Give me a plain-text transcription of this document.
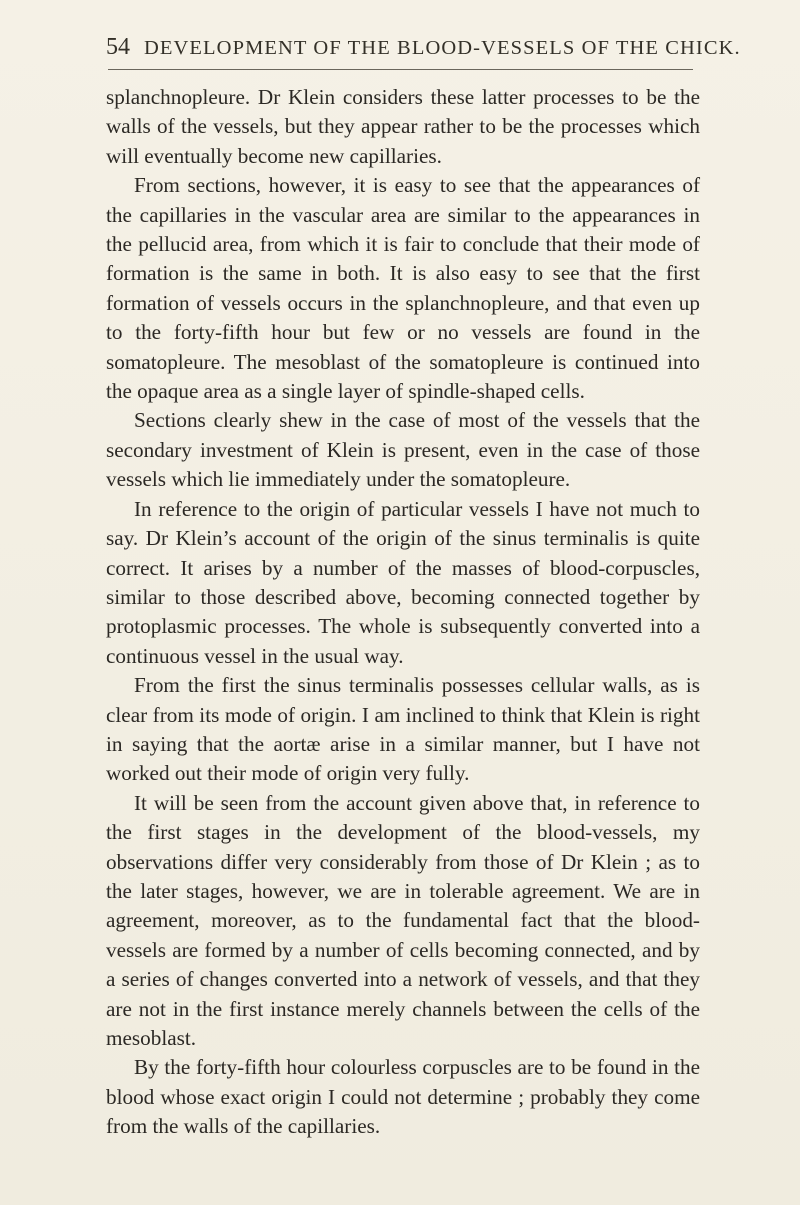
54 DEVELOPMENT OF THE BLOOD-VESSELS OF THE CHICK.

splanchnopleure. Dr Klein considers these latter processes to be the walls of the vessels, but they appear rather to be the processes which will eventually become new capillaries.

From sections, however, it is easy to see that the appearances of the capillaries in the vascular area are similar to the appearances in the pellucid area, from which it is fair to conclude that their mode of formation is the same in both. It is also easy to see that the first formation of vessels occurs in the splanchnopleure, and that even up to the forty-fifth hour but few or no vessels are found in the somatopleure. The mesoblast of the somatopleure is continued into the opaque area as a single layer of spindle-shaped cells.

Sections clearly shew in the case of most of the vessels that the secondary investment of Klein is present, even in the case of those vessels which lie immediately under the somatopleure.

In reference to the origin of particular vessels I have not much to say. Dr Klein’s account of the origin of the sinus terminalis is quite correct. It arises by a number of the masses of blood-corpuscles, similar to those described above, becoming connected together by protoplasmic processes. The whole is subsequently converted into a continuous vessel in the usual way.

From the first the sinus terminalis possesses cellular walls, as is clear from its mode of origin. I am inclined to think that Klein is right in saying that the aortæ arise in a similar manner, but I have not worked out their mode of origin very fully.

It will be seen from the account given above that, in reference to the first stages in the development of the blood-vessels, my observations differ very considerably from those of Dr Klein ; as to the later stages, however, we are in tolerable agreement. We are in agreement, moreover, as to the fundamental fact that the blood-vessels are formed by a number of cells becoming connected, and by a series of changes converted into a network of vessels, and that they are not in the first instance merely channels between the cells of the mesoblast.

By the forty-fifth hour colourless corpuscles are to be found in the blood whose exact origin I could not determine ; probably they come from the walls of the capillaries.
